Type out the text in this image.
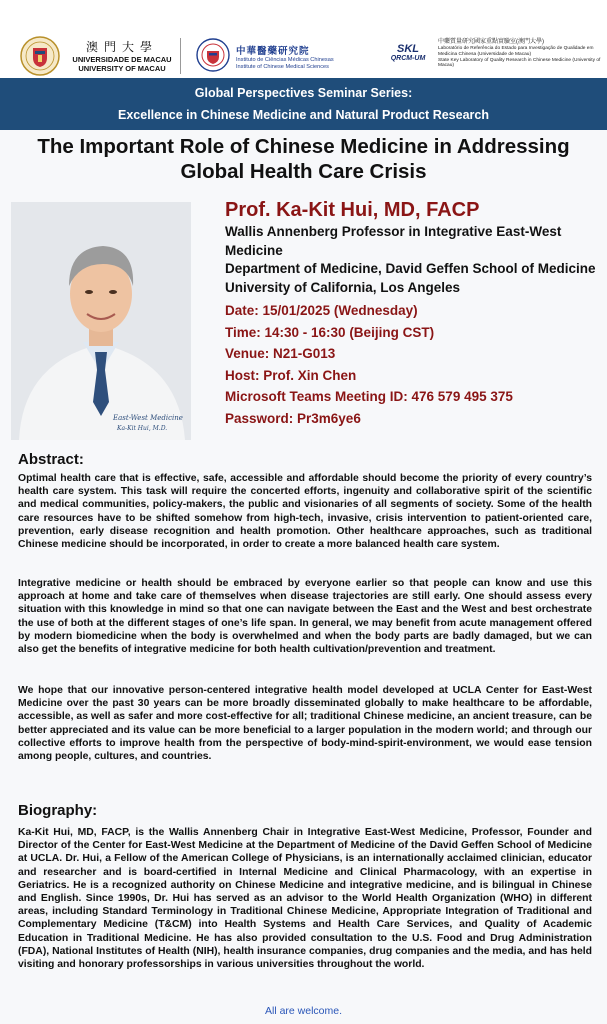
澳門大學
UNIVERSIDADE DE MACAU
UNIVERSITY OF MACAU
中華醫藥研究院
Instituto de Ciências Médicas Chinesas
Institute of Chinese Medical Sciences
SKL
QRCM-UM
中藥質量研究國家重點實驗室(澳門大學)
Laboratório de Referência do Estado para Investigação de Qualidade em Medicina Chinesa (Universidade de Macau)
State Key Laboratory of Quality Research in Chinese Medicine (University of Macau)
Global Perspectives Seminar Series:
Excellence in Chinese Medicine and Natural Product Research
The Important Role of Chinese Medicine in Addressing
Global Health Care Crisis
East-West Medicine
Ka-Kit Hui, M.D.
Prof. Ka-Kit Hui, MD, FACP
Wallis Annenberg Professor in Integrative East-West Medicine
Department of Medicine, David Geffen School of Medicine
University of California, Los Angeles
Date: 15/01/2025 (Wednesday)
Time: 14:30 - 16:30 (Beijing CST)
Venue: N21-G013
Host: Prof. Xin Chen
Microsoft Teams Meeting ID: 476 579 495 375
Password: Pr3m6ye6
Abstract:
Optimal health care that is effective, safe, accessible and affordable should become the priority of every country’s health care system. This task will require the concerted efforts, ingenuity and collaborative spirit of the scientific and medical communities, policy-makers, the public and visionaries of all segments of society. Some of the health care resources have to be shifted somehow from high-tech, invasive, crisis intervention to patient-oriented care, prevention, early disease recognition and health promotion. Other healthcare approaches, such as traditional Chinese medicine should be incorporated, in order to create a more balanced health care system.
Integrative medicine or health should be embraced by everyone earlier so that people can know and use this approach at home and take care of themselves when disease trajectories are still early. One should assess every situation with this knowledge in mind so that one can navigate between the East and the West and best orchestrate the use of both at the different stages of one’s life span. In general, we may benefit from acute management offered by modern biomedicine when the body is overwhelmed and when the body parts are badly damaged, but we can also get the benefits of integrative medicine for both health cultivation/prevention and treatment.
We hope that our innovative person-centered integrative health model developed at UCLA Center for East-West Medicine over the past 30 years can be more broadly disseminated globally to make healthcare to be affordable, accessible, as well as safer and more cost-effective for all; traditional Chinese medicine, an ancient treasure, can be better appreciated and its value can be more beneficial to a larger population in the modern world; and through our collective efforts to improve health from the perspective of body-mind-spirit-environment, we would ease tension among people, cultures, and countries.
Biography:
Ka-Kit Hui, MD, FACP, is the Wallis Annenberg Chair in Integrative East-West Medicine, Professor, Founder and Director of the Center for East-West Medicine at the Department of Medicine of the David Geffen School of Medicine at UCLA. Dr. Hui, a Fellow of the American College of Physicians, is an internationally acclaimed clinician, educator and researcher and is board-certified in Internal Medicine and Clinical Pharmacology, with an expertise in Geriatrics. He is a recognized authority on Chinese Medicine and integrative medicine, and is bilingual in Chinese and English. Since 1990s, Dr. Hui has served as an advisor to the World Health Organization (WHO) in different areas, including Standard Terminology in Traditional Chinese Medicine, Appropriate Integration of Traditional and Complementary Medicine (T&CM) into Health Systems and Health Care Services, and Quality of Academic Education in Traditional Medicine. He has also provided consultation to the U.S. Food and Drug Administration (FDA), National Institutes of Health (NIH), health insurance companies, drug companies and the media, and has held visiting and honorary professorships in various universities throughout the world.
All are welcome.
